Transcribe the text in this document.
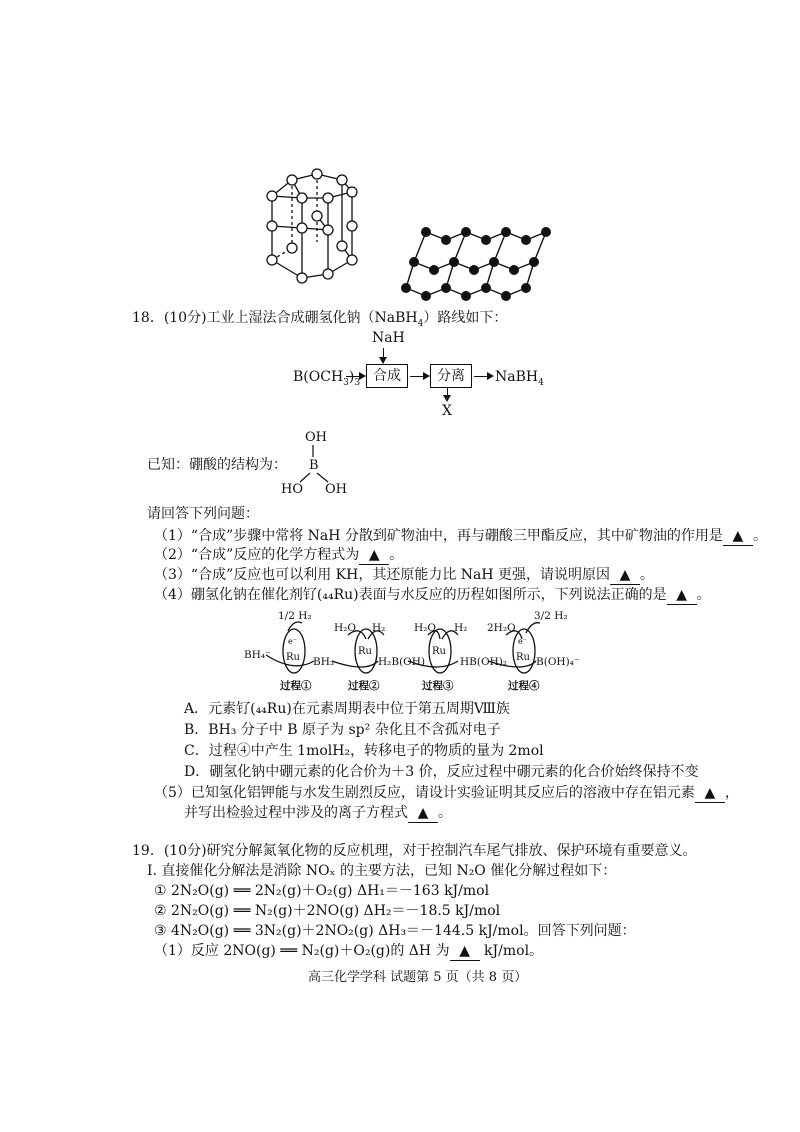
18．(10分)工业上湿法合成硼氢化钠（NaBH$_4$）路线如下：
NaH
$B(OCH_3)_3$ 合成	分离
X
NaBH$_4$
已知：硼酸的结构为：
OH
B
HO OH
请回答下列问题：
（1）“合成”步骤中常将 NaH 分散到矿物油中，再与硼酸三甲酯反应，其中矿物油的作用是 ▲ 。
（2）“合成”反应的化学方程式为 ▲ 。
（3）“合成”反应也可以利用 KH，其还原能力比 NaH 更强，请说明原因 ▲ 。
（4）硼氢化钠在催化剂钌(₄₄Ru)表面与水反应的历程如图所示，下列说法正确的是 ▲ 。
1/2 H₂
BH₄⁻
BH₃
过程①
H₂O H₂
H₂B(OH)
过程②
H₂O H₂
HB(OH)₂
过程③
2H₂O
3/2 H₂
B(OH)₄⁻
过程④
Ru
Ru	Ru
Ru
e⁻	e⁻
A．元素钌(₄₄Ru)在元素周期表中位于第五周期Ⅷ族
B．BH₃ 分子中 B 原子为 sp² 杂化且不含孤对电子
C．过程④中产生 1molH₂，转移电子的物质的量为 2mol
D．硼氢化钠中硼元素的化合价为＋3 价，反应过程中硼元素的化合价始终保持不变
（5）已知氢化铝钾能与水发生剧烈反应，请设计实验证明其反应后的溶液中存在铝元素 ▲ ，
并写出检验过程中涉及的离子方程式 ▲ 。
19．(10分)研究分解氮氧化物的反应机理，对于控制汽车尾气排放、保护环境有重要意义。
Ⅰ. 直接催化分解法是消除 NOₓ 的主要方法，已知 N₂O 催化分解过程如下：
① 2N₂O(g) ══ 2N₂(g)＋O₂(g) ΔH₁＝－163 kJ/mol
② 2N₂O(g) ══ N₂(g)＋2NO(g) ΔH₂＝－18.5 kJ/mol
③ 4N₂O(g) ══ 3N₂(g)＋2NO₂(g) ΔH₃＝－144.5 kJ/mol。回答下列问题：
（1）反应 2NO(g) ══ N₂(g)＋O₂(g)的 ΔH 为 ▲ kJ/mol。
高三化学学科 试题第 5 页（共 8 页）
